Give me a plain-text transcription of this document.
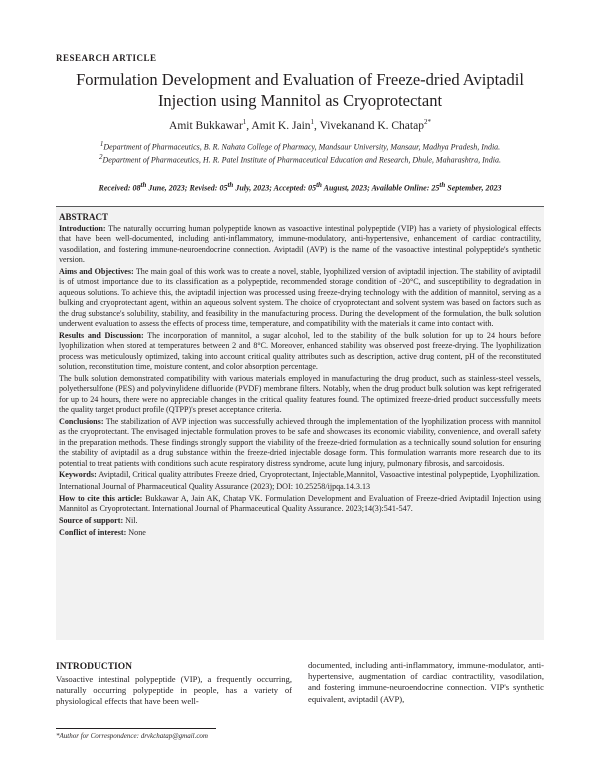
RESEARCH ARTICLE
Formulation Development and Evaluation of Freeze-dried Aviptadil Injection using Mannitol as Cryoprotectant
Amit Bukkawar$^1$, Amit K. Jain$^1$, Vivekanand K. Chatap$^{2*}$
$^1$Department of Pharmaceutics, B. R. Nahata College of Pharmacy, Mandsaur University, Mansaur, Madhya Pradesh, India.
$^2$Department of Pharmaceutics, H. R. Patel Institute of Pharmaceutical Education and Research, Dhule, Maharashtra, India.
Received: 08th June, 2023; Revised: 05th July, 2023; Accepted: 05th August, 2023; Available Online: 25th September, 2023
ABSTRACT

Introduction: The naturally occurring human polypeptide known as vasoactive intestinal polypeptide (VIP) has a variety of physiological effects that have been well-documented, including anti-inflammatory, immune-modulatory, anti-hypertensive, enhancement of cardiac contractility, vasodilation, and fostering immune-neuroendocrine connection. Aviptadil (AVP) is the name of the vasoactive intestinal polypeptide's synthetic version.

Aims and Objectives: The main goal of this work was to create a novel, stable, lyophilized version of aviptadil injection. The stability of aviptadil is of utmost importance due to its classification as a polypeptide, recommended storage condition of -20°C, and susceptibility to degradation in aqueous solutions. To achieve this, the aviptadil injection was processed using freeze-drying technology with the addition of mannitol, serving as a bulking and cryoprotectant agent, within an aqueous solvent system. The choice of cryoprotectant and solvent system was based on factors such as the drug substance's solubility, stability, and feasibility in the manufacturing process. During the development of the formulation, the bulk solution underwent evaluation to assess the effects of process time, temperature, and compatibility with the materials it came into contact with.

Results and Discussion: The incorporation of mannitol, a sugar alcohol, led to the stability of the bulk solution for up to 24 hours before lyophilization when stored at temperatures between 2 and 8°C. Moreover, enhanced stability was observed post freeze-drying. The lyophilization process was meticulously optimized, taking into account critical quality attributes such as description, active drug content, pH of the reconstituted solution, reconstitution time, moisture content, and color absorption percentage.

The bulk solution demonstrated compatibility with various materials employed in manufacturing the drug product, such as stainless-steel vessels, polyethersulfone (PES) and polyvinylidene difluoride (PVDF) membrane filters. Notably, when the drug product bulk solution was kept refrigerated for up to 24 hours, there were no appreciable changes in the critical quality features found. The optimized freeze-dried product successfully meets the quality target product profile (QTPP)'s preset acceptance criteria.

Conclusions: The stabilization of AVP injection was successfully achieved through the implementation of the lyophilization process with mannitol as the cryoprotectant. The envisaged injectable formulation proves to be safe and showcases its economic viability, convenience, and overall safety in the preparation methods. These findings strongly support the viability of the freeze-dried formulation as a technically sound solution for ensuring the stability of aviptadil as a drug substance within the freeze-dried injectable dosage form. This formulation warrants more research due to its potential to treat patients with conditions such acute respiratory distress syndrome, acute lung injury, pulmonary fibrosis, and sarcoidosis.

Keywords: Aviptadil, Critical quality attributes Freeze dried, Cryoprotectant, Injectable,Mannitol, Vasoactive intestinal polypeptide, Lyophilization.

International Journal of Pharmaceutical Quality Assurance (2023); DOI: 10.25258/ijpqa.14.3.13

How to cite this article: Bukkawar A, Jain AK, Chatap VK. Formulation Development and Evaluation of Freeze-dried Aviptadil Injection using Mannitol as Cryoprotectant. International Journal of Pharmaceutical Quality Assurance. 2023;14(3):541-547.

Source of support: Nil.

Conflict of interest: None

INTRODUCTION

Vasoactive intestinal polypeptide (VIP), a frequently occurring, naturally occurring polypeptide in people, has a variety of physiological effects that have been well-

documented, including anti-inflammatory, immune-modulator, anti-hypertensive, augmentation of cardiac contractility, vasodilation, and fostering immune-neuroendocrine connection. VIP's synthetic equivalent, aviptadil (AVP),

*Author for Correspondence: drvkchatap@gmail.com
